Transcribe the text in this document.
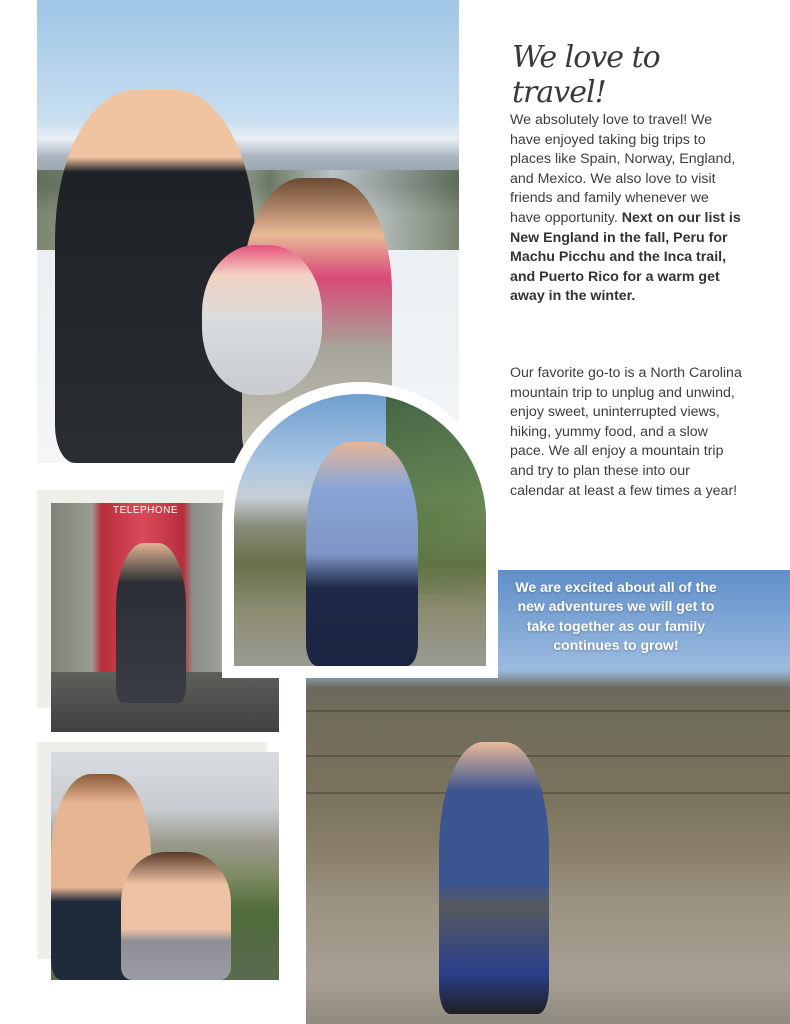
TELEPHONE
We are excited about all of the new adventures we will get to take together as our family continues to grow!
We love to travel!
We absolutely love to travel! We have enjoyed taking big trips to places like Spain, Norway, England, and Mexico. We also love to visit friends and family whenever we have opportunity. Next on our list is New England in the fall, Peru for Machu Picchu and the Inca trail, and Puerto Rico for a warm get away in the winter.
Our favorite go-to is a North Carolina mountain trip to unplug and unwind, enjoy sweet, uninterrupted views, hiking, yummy food, and a slow pace. We all enjoy a mountain trip and try to plan these into our calendar at least a few times a year!
